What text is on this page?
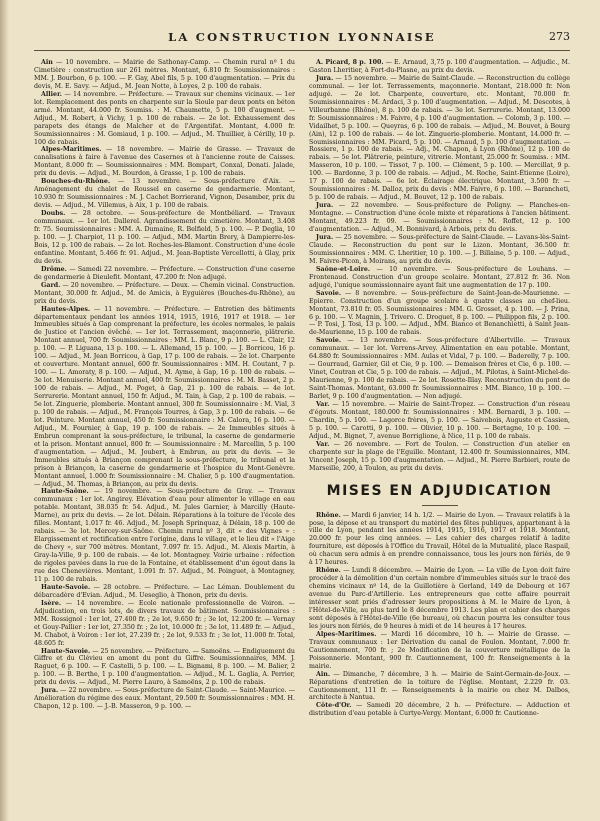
LA CONSTRUCTION LYONNAISE	273

Ain — 10 novembre. — Mairie de Sathonay-Camp. — Chemin rural nº 1 du Cimetière : construction sur 261 mètres. Montant, 6.810 fr. Soumissionnaires : MM. J. Bourbon, 6 p. 100. — F. Gay, Abel fils, 5 p. 100 d'augmentation. — Prix du devis, M. E. Savy. — Adjud., M. Jean Notte, à Loyes, 2 p. 100 de rabais.

Allier. — 14 novembre. — Préfecture. — Travaux sur chemins vicinaux. — 1er lot. Remplacement des ponts en charpente sur la Sioule par deux ponts en béton armé. Montant, 44.000 fr. Soumiss. : M. Chaumette, 5 p. 100 d'augment. — Adjud., M. Robert, à Vichy, 1 p. 100 de rabais. — 2e lot. Exhaussement des parapets des étangs de Malcher et de l'Argentifat. Montant, 4.000 fr. Soumissionnaires : M. Gomiaud, 1 p. 100. — Adjud., M. Thuillier, à Cérilly, 10 p. 100 de rabais.

Alpes-Maritimes. — 18 novembre. — Mairie de Grasse. — Travaux de canalisations à faire à l'avenue des Casernes et à l'ancienne route de Caisses. Montant, 8.000 fr. — Soumissionnaires : MM. Bompart, Conxal, Donati. Jalade, prix du devis. — Adjud., M. Bourdon, à Grasse, 1 p. 100 de rabais.

Bouches-du-Rhône. — 13 novembre. — Sous-préfecture d'Aix. — Aménagement du chalet de Roussel en caserne de gendarmerie. Montant, 10.930 fr. Soumissionnaires : M. J. Cachet Borrierand, Vignon, Desamber, prix du devis. — Adjud., M. Villemus, à Aix, 1 p. 100 de rabais.

Doubs. — 28 octobre. — Sous-préfecture de Montbéliard. — Travaux communaux. — 1er lot. Dallerel. Agrandissement du cimetière. Montant, 3.408 fr. 75. Soumissionnaires : MM. A. Dumaine, R. Belfield, 5 p. 100. — P. Deglia, 10 p. 100. — J. Charpiot, 11 p. 100. — Adjud., MM. Martin Brery, à Dampierre-les-Bois, 12 p. 100 de rabais. — 2e lot. Roches-les-Blamont. Construction d'une école enfantine. Montant, 5.466 fr. 91. Adjud., M. Jean-Baptiste Vercellotti, à Glay, prix du devis.

Drôme. — Samedi 22 novembre. — Préfecture. — Construction d'une caserne de gendarmerie à Dieulefit. Montant, 47.200 fr. Non adjugé.

Gard. — 20 novembre. — Préfecture. — Deux. — Chemin vicinal. Construction. Montant, 30.000 fr. Adjud., M. de Amicis, à Eyguières (Bouches-du-Rhône), au prix du devis.

Hautes-Alpes. — 11 novembre. — Préfecture. — Entretien des bâtiments départementaux pendant les années 1914, 1915, 1916, 1917 et 1918. — 1er Immeubles situés à Gap comprenant la préfecture, les écoles normales, le palais de Justice et l'ancien évêché. — 1er lot. Terrassement, maçonnerie, plâtrerie. Montant annuel, 700 fr. Soumissionnaires : MM. L. Blanc, 9 p. 100. — L. Clair, 12 p. 100. — P. Liguana, 13 p. 100. — L. Allemand, 15 p. 100. — J. Borricou, 16 p. 100. — Adjud., M. Jean Borricou, à Gap, 17 p. 100 de rabais. — 2e lot. Charpente et couverture. Montant annuel, 600 fr. Soumissionnaires : MM. H. Coutant, 7 p. 100. — L. Amoraty, 8 p. 100. — Adjud., M. Ayme, à Gap, 16 p. 100 de rabais. — 3e lot. Menuiserie. Montant annuel, 400 fr. Soumissionnaires : M. M. Basset, 2 p. 100 de rabais. — Adjud., M. Poget, à Gap, 21 p. 100 de rabais. — 4e lot. Serrurerie. Montant annuel, 150 fr. Adjud., M. Tain, à Gap, 2 p. 100 de rabais. — 5e lot. Zinguerie, plomberie. Montant annuel, 300 fr. Soumissionnaire : M. Vial, 3 p. 100 de rabais. — Adjud., M. François Tourres, à Gap, 3 p. 100 de rabais. — 6e lot. Peinture. Montant annuel, 450 fr. Soumissionnaire : M. Calora, 16 p. 100. — Adjud., M. Fournier, à Gap, 19 p. 100 de rabais. — 2e Immeubles situés à Embrun comprenant la sous-préfecture, le tribunal, la caserne de gendarmerie et la prison. Montant annuel, 800 fr. — Soumissionnaire : M. Marcellin, 5 p. 100 d'augmentation. — Adjud., M. Joubert, à Embrun, au prix du devis. — 3e Immeubles situés à Briançon comprenant la sous-préfecture, le tribunal et la prison à Briançon, la caserne de gendarmerie et l'hospice du Mont-Genèvre. Montant annuel, 1.000 fr. Soumissionnaire : M. Chalier, 5 p. 100 d'augmentation. — Adjud., M. Thomas, à Briançon, au prix du devis.

Haute-Saône. — 19 novembre. — Sous-préfecture de Gray. — Travaux communaux : 1er lot. Angirey. Elévation d'eau pour alimenter le village en eau potable. Montant, 38.035 fr. 54. Adjud., M. Jules Garnier, à Marcilly (Haute-Marne), au prix du devis. — 2e lot. Délain. Réparations à la toiture de l'école des filles. Montant, 1.017 fr. 46. Adjud., M. Joseph Sprinquaz, à Délain, 18 p. 100 de rabais. — 3e lot. Mercey-sur-Saône. Chemin rural nº 3, dit « des Vignes » : Elargissement et rectification entre l'origine, dans le village, et le lieu dit « l'Aige de Chevy », sur 700 mètres. Montant, 7.097 fr. 15. Adjud., M. Alexis Martin, à Gray-la-Ville, 9 p. 100 de rabais. — 4e lot. Montagney. Voirie urbaine : réfection de rigoles pavées dans la rue de la Fontaine, et établissement d'un égout dans la rue des Chenevières. Montant, 1.091 fr. 57. Adjud., M. Poinguet, à Montagney, 11 p. 100 de rabais.

Haute-Savoie. — 28 octobre. — Préfecture. — Lac Léman. Doublement du débarcadère d'Evian. Adjud., M. Ueseglio, à Thonon, prix du devis.

Isère. — 14 novembre. — Ecole nationale professionnelle de Voiron. — Adjudication, en trois lots, de divers travaux de bâtiment. Soumissionnaires : MM. Rossignol : 1er lot, 27.400 fr. ; 2e lot, 9.650 fr. ; 3e lot, 12.200 fr. — Vernay et Gouy-Pallier : 1er lot, 27.350 fr. ; 2e lot, 10.000 fr. ; 3e lot, 11.489 fr. — Adjud., M. Chabot, à Voiron : 1er lot, 27.239 fr. ; 2e lot, 9.533 fr. ; 3e lot, 11.000 fr. Total, 48.605 fr.

Haute-Savoie. — 25 novembre. — Préfecture. — Samoëns. — Endiguement du Giffre et du Clévieu en amont du pont du Giffre. Soumissionnaires, MM. J. Raguet, 6 p. 100. — F. Castelli, 5 p. 100. — L. Bignami, 8 p. 100. — M. Balier, 2 p. 100. — B. Berthe, 1 p. 100 d'augmentation. — Adjud., M. L. Gaglia, A. Perrier, prix du devis. — Adjud., M. Pierre Lauro, à Samoëns, 2 p. 100 de rabais.

Jura. — 22 novembre. — Sous-préfecture de Saint-Claude. — Saint-Maurice. — Amélioration du régime des eaux. Montant, 29.500 fr. Soumissionnaires : MM. H. Chapon, 12 p. 100. — J.-B. Masseron, 9 p. 100. —

A. Picard, 8 p. 100. — E. Arnaud, 3,75 p. 100 d'augmentation. — Adjudic., M. Gaston Lheritier, à Fort-du-Plasne, au prix du devis.

Jura. — 15 novembre. — Mairie de Saint-Claude. — Reconstruction du collège communal. — 1er lot. Terrassements, maçonnerie. Montant, 218.000 fr. Non adjugé. — 2e lot. Charpente, couverture, etc. Montant, 70.000 fr. Soumissionnaires : M. Ardaci, 3 p. 100 d'augmentation. — Adjud., M. Descotes, à Villeurbanne (Rhône), 8 p. 100 de rabais. — 3e lot. Serrurerie. Montant, 13.000 fr. Soumissionnaires : M. Faivre, 4 p. 100 d'augmentation. — Colomb, 3 p. 100. — Vidailhet, 5 p. 100. — Queyras, 6 p. 100 de rabais. — Adjud., M. Bouvet, à Bourg (Ain), 12 p. 100 de rabais. — 4e lot. Zinguerie-plomberie. Montant, 14.000 fr. — Soumissionnaires : MM. Picard, 5 p. 100. — Arnaud, 5 p. 100 d'augmentation. — Rossiere, 1 p. 100 de rabais. — Adj., M. Chapon, à Lyon (Rhône), 12 p. 100 de rabais. — 5e lot. Plâtrerie, peinture, vitrerie. Montant, 25.000 fr. Soumiss. : MM. Masseron, 10 p. 100. — Tissot, 7 p. 100. — Clément, 5 p. 100. — Mercillat, 9 p. 100. — Bardonne, 3 p. 100 de rabais. — Adjud., M. Roche, Saint-Étienne (Loire), 17 p. 100 de rabais. — 6e lot. Éclairage électrique. Montant, 3.500 fr. — Soumissionnaires : M. Dalloz, prix du devis : MM. Faivre, 6 p. 100. — Barancheti, 5 p. 100 de rabais. — Adjud., M. Bouvet, 12 p. 100 de rabais.

Jura. — 22 novembre. — Sous-préfecture de Poligny. — Planches-en-Montagne. — Construction d'une école mixte et réparations à l'ancien bâtiment. Montant, 49.223 fr. 09. — Soumissionnaires : M. Roffet, 12 p. 100 d'augmentation. — Adjud., M. Bonnivard, à Arbois, prix du devis.

Jura. — 25 novembre. — Sous-préfecture de Saint-Claude. — Lavans-lès-Saint-Claude. — Reconstruction du pont sur le Lizon. Montant, 36.500 fr. Soumissionnaires : MM. C. Lheritier, 10 p. 100. — J. Billaine, 5 p. 100. — Adjud., M. Faivre-Picon, à Moirans, au prix du devis.

Saône-et-Loire. — 10 novembre. — Sous-préfecture de Louhans. — Frontenaud. Construction d'un groupe scolaire. Montant, 27.812 fr. 36. Non adjugé, l'unique soumissionnaire ayant fait une augmentation de 17 p. 100.

Savoie. — 8 novembre. — Sous-préfecture de Saint-Jean-de-Maurienne. — Epierre. Construction d'un groupe scolaire à quatre classes au chef-lieu. Montant, 73.810 fr. 05. Soumissionnaires : MM. G. Grosset, 4 p. 100. — J. Prina, 6 p. 100. — V. Magnin, J. Trivero. C. Droguet, 8 p. 100. — Philippon fils, 2 p. 100. — P. Tosi, J. Tosi, 13 p. 100. — Adjud., MM. Bianco et Benanchietti, à Saint Jean-de-Maurienne, 15 p. 100 de rabais.

Savoie. — 13 novembre. — Sous-préfecture d'Albertville. — Travaux communaux. — 1er lot. Verrens-Arvey. Alimentation en eau potable. Montant, 64.880 fr. Soumissionnaires : MM. Aulas et Vidal, 7 p. 100. — Baderelly, 7 p. 100. — Gourraud, Garnier, Gil et Cie, 9 p. 100. — Demaison frères et Cie, 6 p. 100. — Vinet, Coutran et Cie, 5 p. 100 de rabais. — Adjud., M. Pilotas, à Saint-Michel-de-Maurienne, 9 p. 100 de rabais. — 2e lot. Rosette-Illay. Reconstruction du pont de Saint-Thomas. Montant, 63.000 fr. Soumissionnaires : MM. Bianco, 10 p. 100. — Barlet, 9 p. 100 d'augmentation. — Non adjugé.

Var. — 15 novembre. — Mairie de Saint-Tropez. — Construction d'un réseau d'égouts. Montant, 180.000 fr. Soumissionnaires : MM. Bernardi, 3 p. 100. — Chardin, 5 p. 100. — Lagorce frères, 5 p. 100. — Saivebois, Auguste et Cassien, 5 p. 100. — Carotti, 9 p. 100. — Olivier, 10 p. 100. — Bertagne, 10 p. 100. — Adjud., M. Bignet, 7, avenue Borriglione, à Nice, 11 p. 100 de rabais.

Var. — 26 novembre. — Fort de Toulon. — Construction d'un atelier en charpente sur la plage de l'Eguille. Montant, 12.400 fr. Soumissionnaires, MM. Vincent Joseph, 15 p. 100 d'augmentation. — Adjud., M. Pierre Barbieri, route de Marseille, 200, à Toulon, au prix du devis.

MISES EN ADJUDICATION

Rhône. — Mardi 6 janvier, 14 h. 1/2. — Mairie de Lyon. — Travaux relatifs à la pose, la dépose et au transport du matériel des fêtes publiques, appartenant à la ville de Lyon, pendant les années 1914, 1915, 1916, 1917 et 1918. Montant, 20.000 fr. pour les cinq années. — Les cahier des charges relatif à ladite fourniture, est déposés à l'Office du Travail, Hôtel de la Mutualité, place Raspail, où chacun sera admis à en prendre connaissance, tous les jours non fériés, de 9 à 17 heures.

Rhône. — Lundi 8 décembre. — Mairie de Lyon. — La ville de Lyon doit faire procéder à la démolition d'un certain nombre d'immeubles situés sur le tracé des chemins vicinaux nº 14, de la Guillotière à Gerland, 149 de Debourg et 167 avenue du Parc-d'Artillerie. Les entrepreneurs que cette affaire pourrait intéresser sont priés d'adresser leurs propositions à M. le Maire de Lyon, à l'Hôtel-de-Ville, au plus tard le 8 décembre 1913. Les plan et cahier des charges sont déposés à l'Hôtel-de-Ville (6e bureau), où chacun pourra les consulter tous les jours non fériés, de 9 heures à midi et de 14 heures à 17 heures.

Alpes-Maritimes. — Mardi 16 décembre, 10 h. — Mairie de Grasse. — Travaux communaux : 1er Dérivation du canal de Foulon. Montant, 7.000 fr. Cautionnement, 700 fr. ; 2e Modification de la couverture métallique de la Poissonnerie. Montant, 900 fr. Cautionnement, 100 fr. Renseignements à la mairie.

Ain. — Dimanche, 7 décembre, 3 h. — Mairie de Saint-Germain-de-Joux. — Réparations d'entretien de la toiture de l'église. Montant, 2.229 fr. 03. Cautionnement, 111 fr. — Renseignements à la mairie ou chez M. Dalbos, architecte à Nantua.

Côte-d'Or. — Samedi 20 décembre, 2 h. — Préfecture. — Adduction et distribution d'eau potable à Curtye-Vergy. Montant, 6.000 fr. Cautionne-
